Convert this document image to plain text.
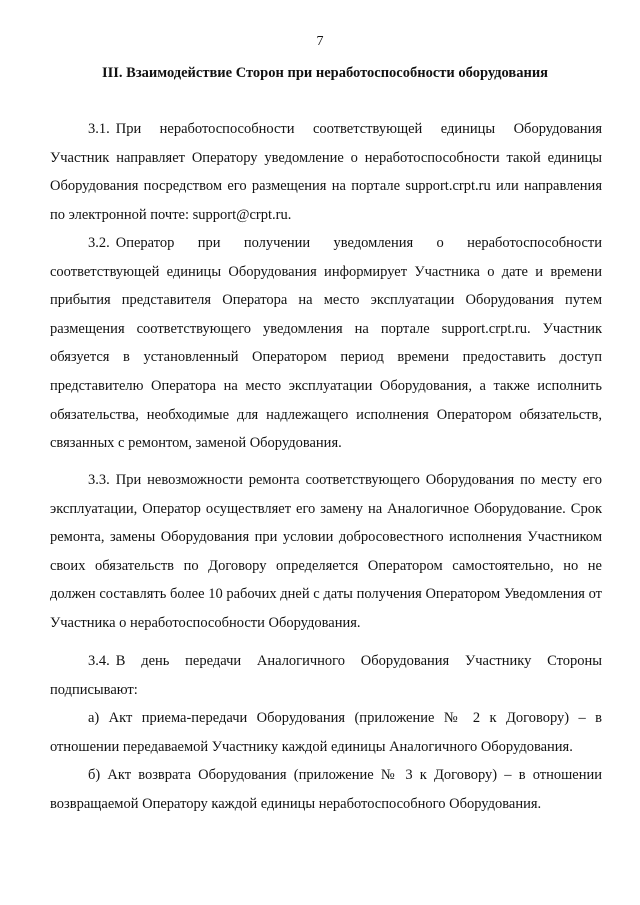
7
III. Взаимодействие Сторон при неработоспособности оборудования

3.1. При неработоспособности соответствующей единицы Оборудования Участник направляет Оператору уведомление о неработоспособности такой единицы Оборудования посредством его размещения на портале support.crpt.ru или направления по электронной почте: support@crpt.ru.

3.2. Оператор при получении уведомления о неработоспособности соответствующей единицы Оборудования информирует Участника о дате и времени прибытия представителя Оператора на место эксплуатации Оборудования путем размещения соответствующего уведомления на портале support.crpt.ru. Участник обязуется в установленный Оператором период времени предоставить доступ представителю Оператора на место эксплуатации Оборудования, а также исполнить обязательства, необходимые для надлежащего исполнения Оператором обязательств, связанных с ремонтом, заменой Оборудования.

3.3. При невозможности ремонта соответствующего Оборудования по месту его эксплуатации, Оператор осуществляет его замену на Аналогичное Оборудование. Срок ремонта, замены Оборудования при условии добросовестного исполнения Участником своих обязательств по Договору определяется Оператором самостоятельно, но не должен составлять более 10 рабочих дней с даты получения Оператором Уведомления от Участника о неработоспособности Оборудования.

3.4. В день передачи Аналогичного Оборудования Участнику Стороны подписывают:

а) Акт приема-передачи Оборудования (приложение № 2 к Договору) – в отношении передаваемой Участнику каждой единицы Аналогичного Оборудования.

б) Акт возврата Оборудования (приложение № 3 к Договору) – в отношении возвращаемой Оператору каждой единицы неработоспособного Оборудования.
